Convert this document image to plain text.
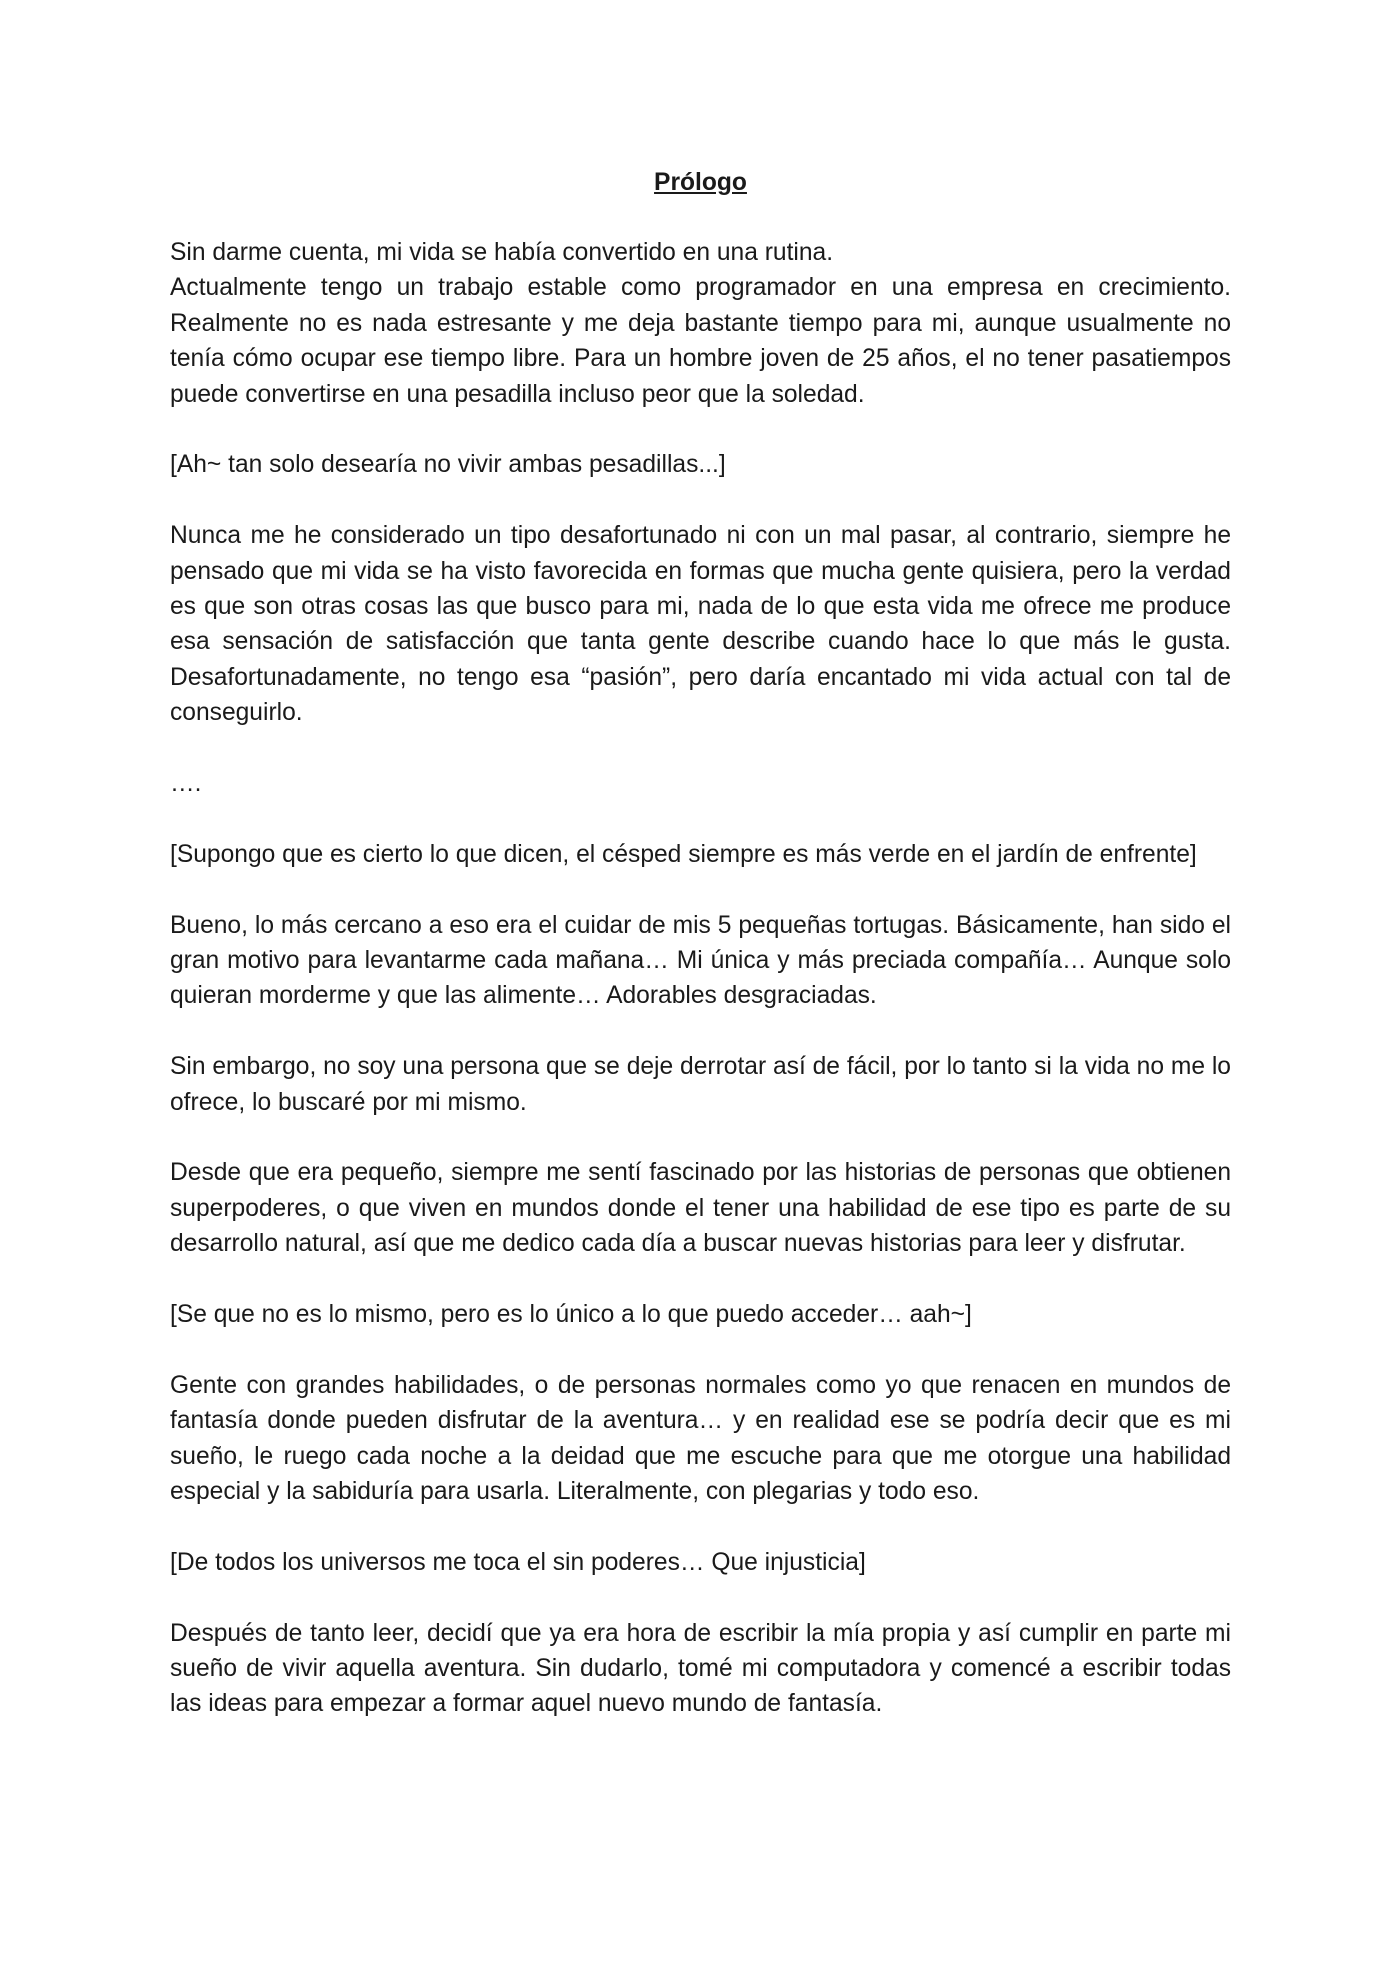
Prólogo
Sin darme cuenta, mi vida se había convertido en una rutina.
Actualmente tengo un trabajo estable como programador en una empresa en crecimiento. Realmente no es nada estresante y me deja bastante tiempo para mi, aunque usualmente no tenía cómo ocupar ese tiempo libre. Para un hombre joven de 25 años, el no tener pasatiempos puede convertirse en una pesadilla incluso peor que la soledad.
[Ah~ tan solo desearía no vivir ambas pesadillas...]
Nunca me he considerado un tipo desafortunado ni con un mal pasar, al contrario, siempre he pensado que mi vida se ha visto favorecida en formas que mucha gente quisiera, pero la verdad es que son otras cosas las que busco para mi, nada de lo que esta vida me ofrece me produce esa sensación de satisfacción que tanta gente describe cuando hace lo que más le gusta. Desafortunadamente, no tengo esa “pasión”, pero daría encantado mi vida actual con tal de conseguirlo.
….
[Supongo que es cierto lo que dicen, el césped siempre es más verde en el jardín de enfrente]
Bueno, lo más cercano a eso era el cuidar de mis 5 pequeñas tortugas. Básicamente, han sido el gran motivo para levantarme cada mañana… Mi única y más preciada compañía… Aunque solo quieran morderme y que las alimente… Adorables desgraciadas.
Sin embargo, no soy una persona que se deje derrotar así de fácil, por lo tanto si la vida no me lo ofrece, lo buscaré por mi mismo.
Desde que era pequeño, siempre me sentí fascinado por las historias de personas que obtienen superpoderes, o que viven en mundos donde el tener una habilidad de ese tipo es parte de su desarrollo natural, así que me dedico cada día a buscar nuevas historias para leer y disfrutar.
[Se que no es lo mismo, pero es lo único a lo que puedo acceder… aah~]
Gente con grandes habilidades, o de personas normales como yo que renacen en mundos de fantasía donde pueden disfrutar de la aventura… y en realidad ese se podría decir que es mi sueño, le ruego cada noche a la deidad que me escuche para que me otorgue una habilidad especial y la sabiduría para usarla. Literalmente, con plegarias y todo eso.
[De todos los universos me toca el sin poderes… Que injusticia]
Después de tanto leer, decidí que ya era hora de escribir la mía propia y así cumplir en parte mi sueño de vivir aquella aventura. Sin dudarlo, tomé mi computadora y comencé a escribir todas las ideas para empezar a formar aquel nuevo mundo de fantasía.
